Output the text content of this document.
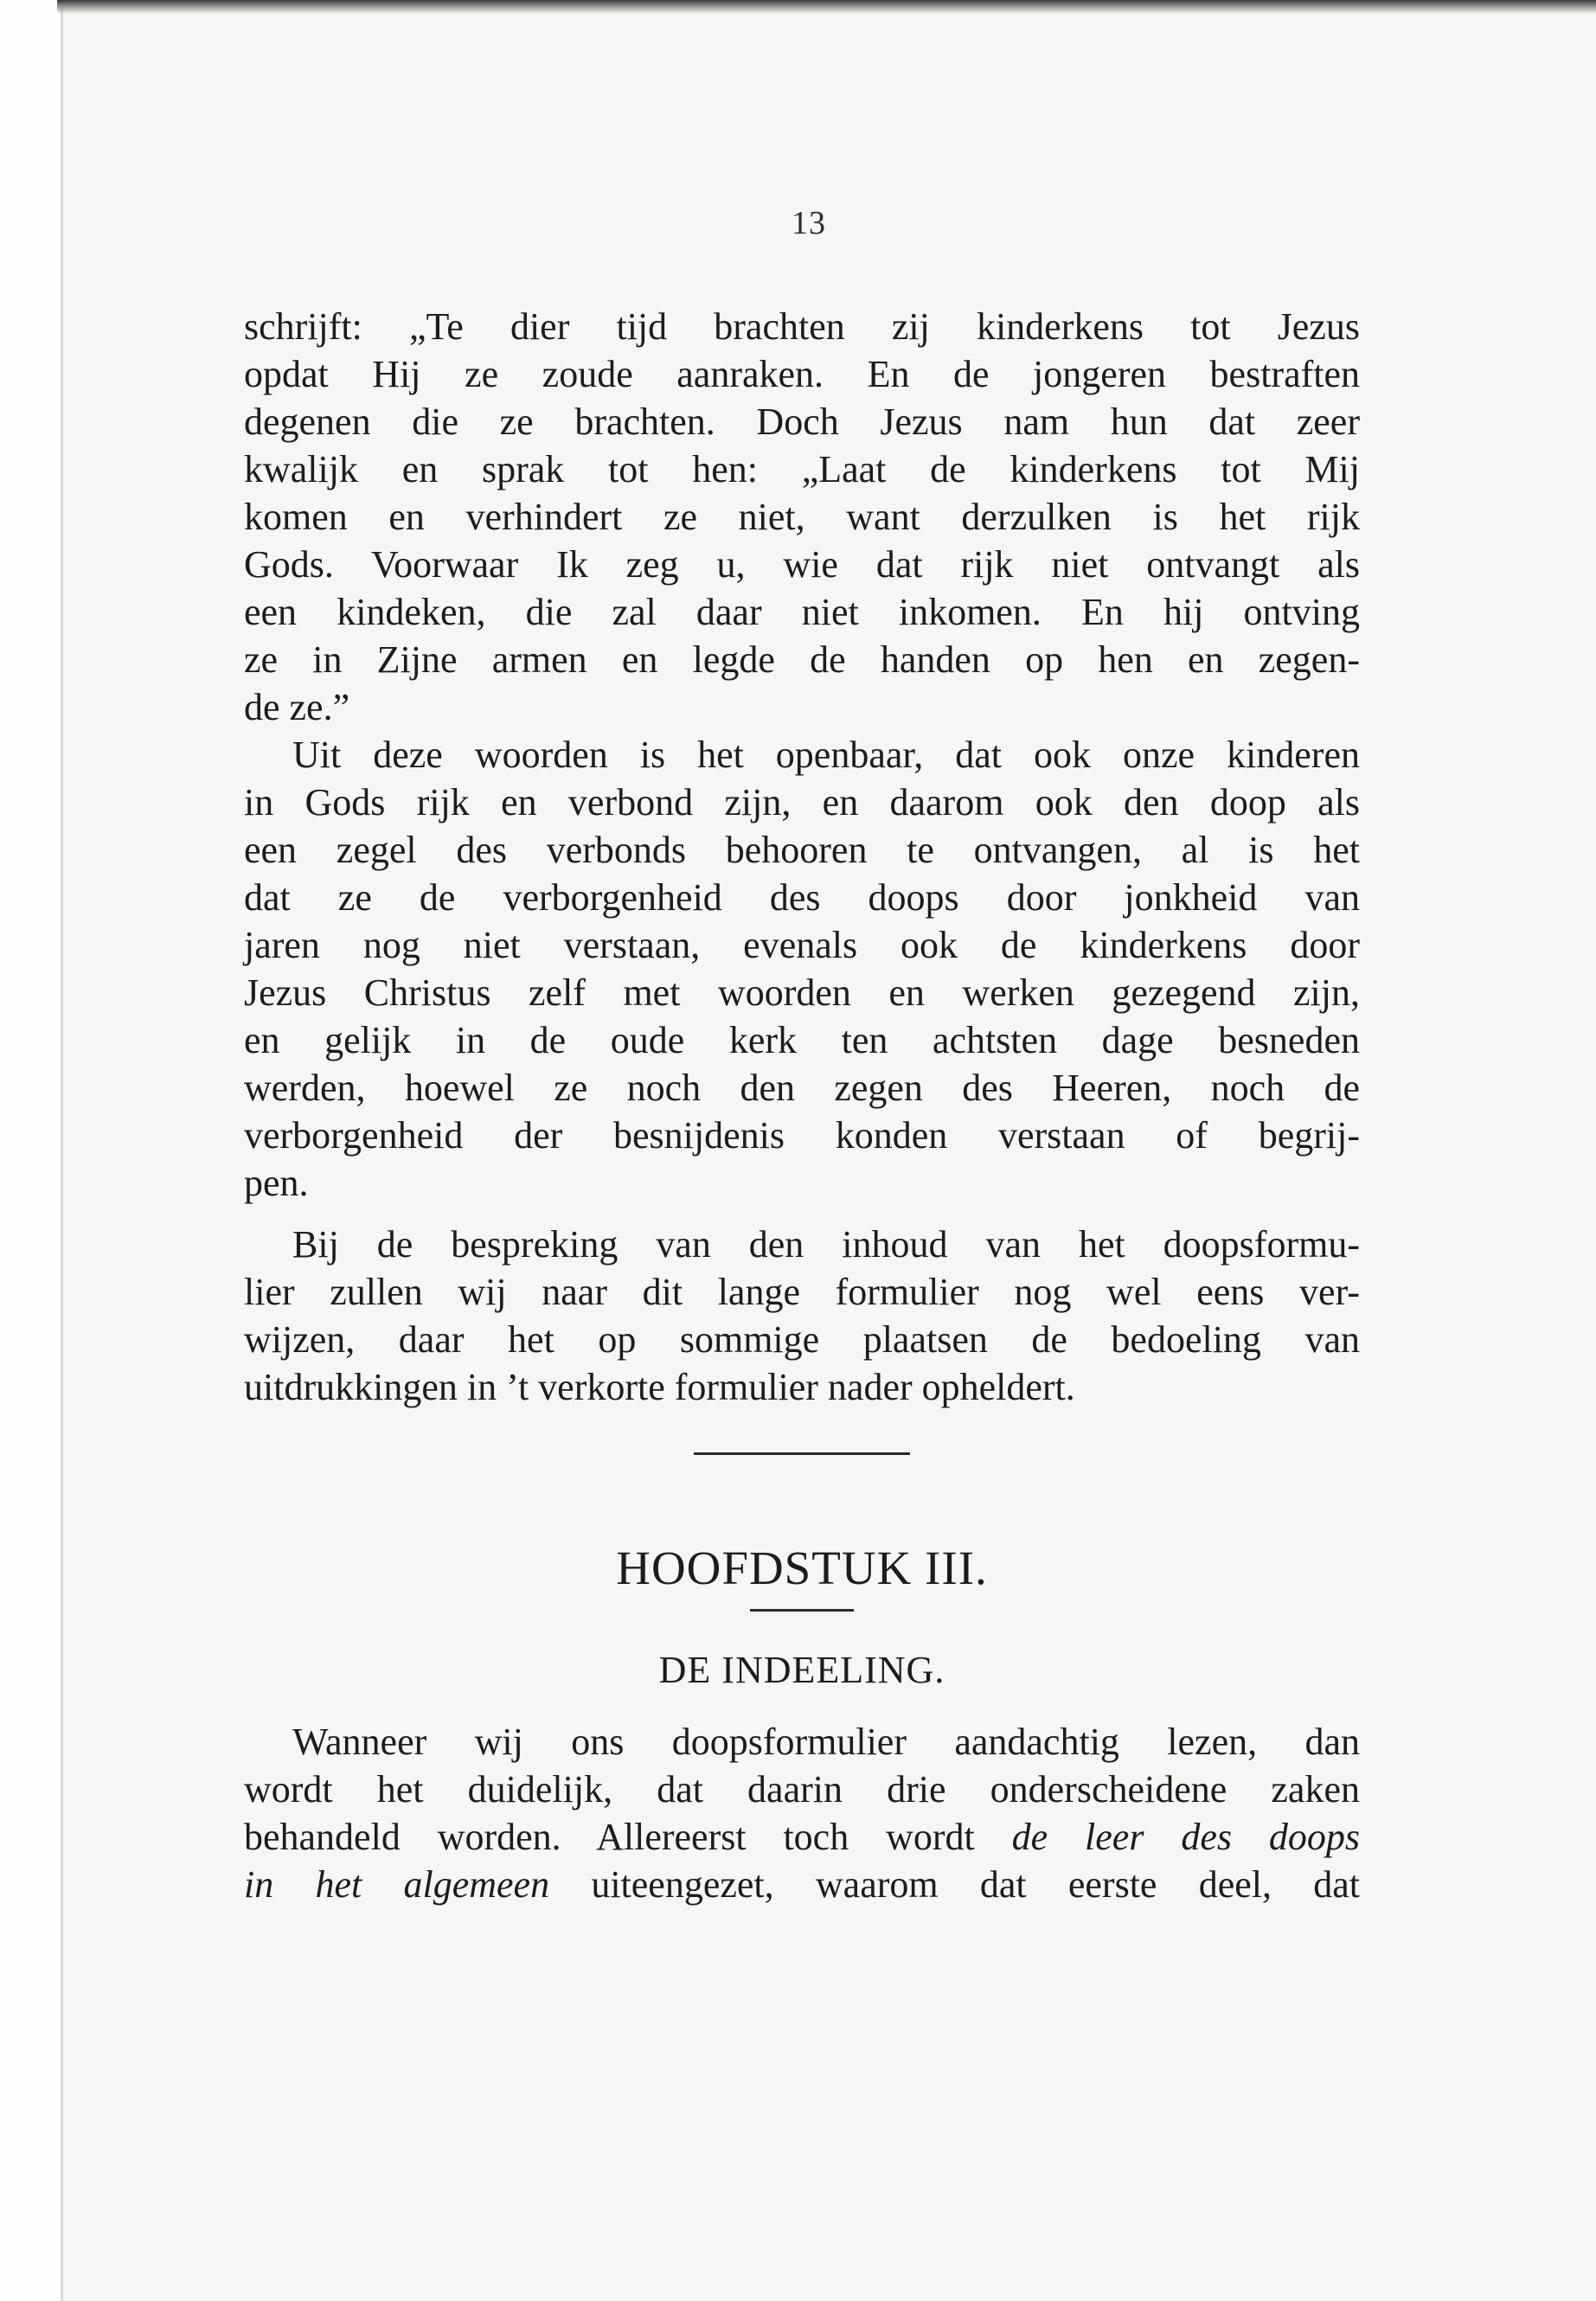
13
schrijft: „Te dier tijd brachten zij kinderkens tot Jezus
opdat Hij ze zoude aanraken. En de jongeren bestraften
degenen die ze brachten. Doch Jezus nam hun dat zeer
kwalijk en sprak tot hen: „Laat de kinderkens tot Mij
komen en verhindert ze niet, want derzulken is het rijk
Gods. Voorwaar Ik zeg u, wie dat rijk niet ontvangt als
een kindeken, die zal daar niet inkomen. En hij ontving
ze in Zijne armen en legde de handen op hen en zegen-
de ze.”
Uit deze woorden is het openbaar, dat ook onze kinderen
in Gods rijk en verbond zijn, en daarom ook den doop als
een zegel des verbonds behooren te ontvangen, al is het
dat ze de verborgenheid des doops door jonkheid van
jaren nog niet verstaan, evenals ook de kinderkens door
Jezus Christus zelf met woorden en werken gezegend zijn,
en gelijk in de oude kerk ten achtsten dage besneden
werden, hoewel ze noch den zegen des Heeren, noch de
verborgenheid der besnijdenis konden verstaan of begrij-
pen.
Bij de bespreking van den inhoud van het doopsformu-
lier zullen wij naar dit lange formulier nog wel eens ver-
wijzen, daar het op sommige plaatsen de bedoeling van
uitdrukkingen in ’t verkorte formulier nader opheldert.
HOOFDSTUK III.
DE INDEELING.
Wanneer wij ons doopsformulier aandachtig lezen, dan
wordt het duidelijk, dat daarin drie onderscheidene zaken
behandeld worden. Allereerst toch wordt de leer des doops
in het algemeen uiteengezet, waarom dat eerste deel, dat
